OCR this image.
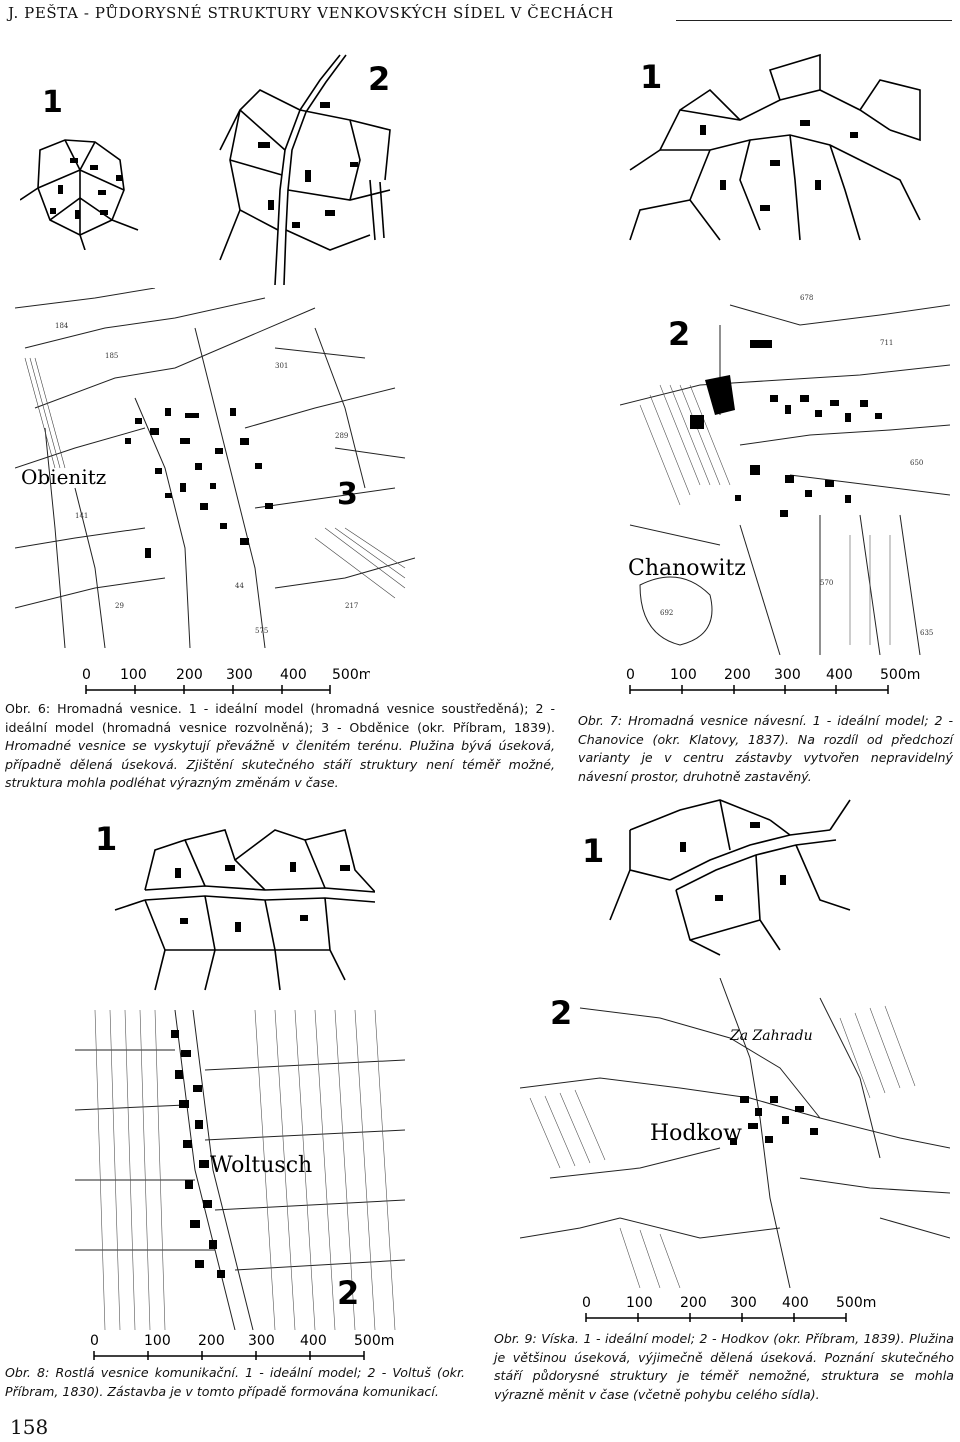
J. PEŠTA - PŮDORYSNÉ STRUKTURY VENKOVSKÝCH SÍDEL V ČECHÁCH
1
2
184
185
301
289
141
44
217
575
29
Obienitz	3
0 100 200 300 400 500m
Obr. 6: Hromadná vesnice. 1 - ideální model (hromadná vesnice soustředěná); 2 - ideální model (hromadná vesnice rozvolněná); 3 - Obděnice (okr. Příbram, 1839). Hromadné vesnice se vyskytují převážně v členitém terénu. Plužina bývá úseková, případně dělená úseková. Zjištění skutečného stáří struktury není téměř možné, struktura mohla podléhat výrazným změnám v čase.
1
678
711
650
692
570
635
2
Chanowitz
0	100 200 300 400 500m
Obr. 7: Hromadná vesnice návesní. 1 - ideální model; 2 - Chanovice (okr. Klatovy, 1837). Na rozdíl od předchozí varianty je v centru zástavby vytvořen nepravidelný návesní prostor, druhotně zastavěný.
1
Woltusch
2
0	100 200 300 400 500m
Obr. 8: Rostlá vesnice komunikační. 1 - ideální model; 2 - Voltuš (okr. Příbram, 1830). Zástavba je v tomto případě formována komunikací.
1
2
Za Zahradu
Hodkow
0	100 200 300 400 500m
Obr. 9: Víska. 1 - ideální model; 2 - Hodkov (okr. Příbram, 1839). Plužina je většinou úseková, výjimečně dělená úseková. Poznání skutečného stáří půdorysné struktury je téměř nemožné, struktura se mohla výrazně měnit v čase (včetně pohybu celého sídla).
158
